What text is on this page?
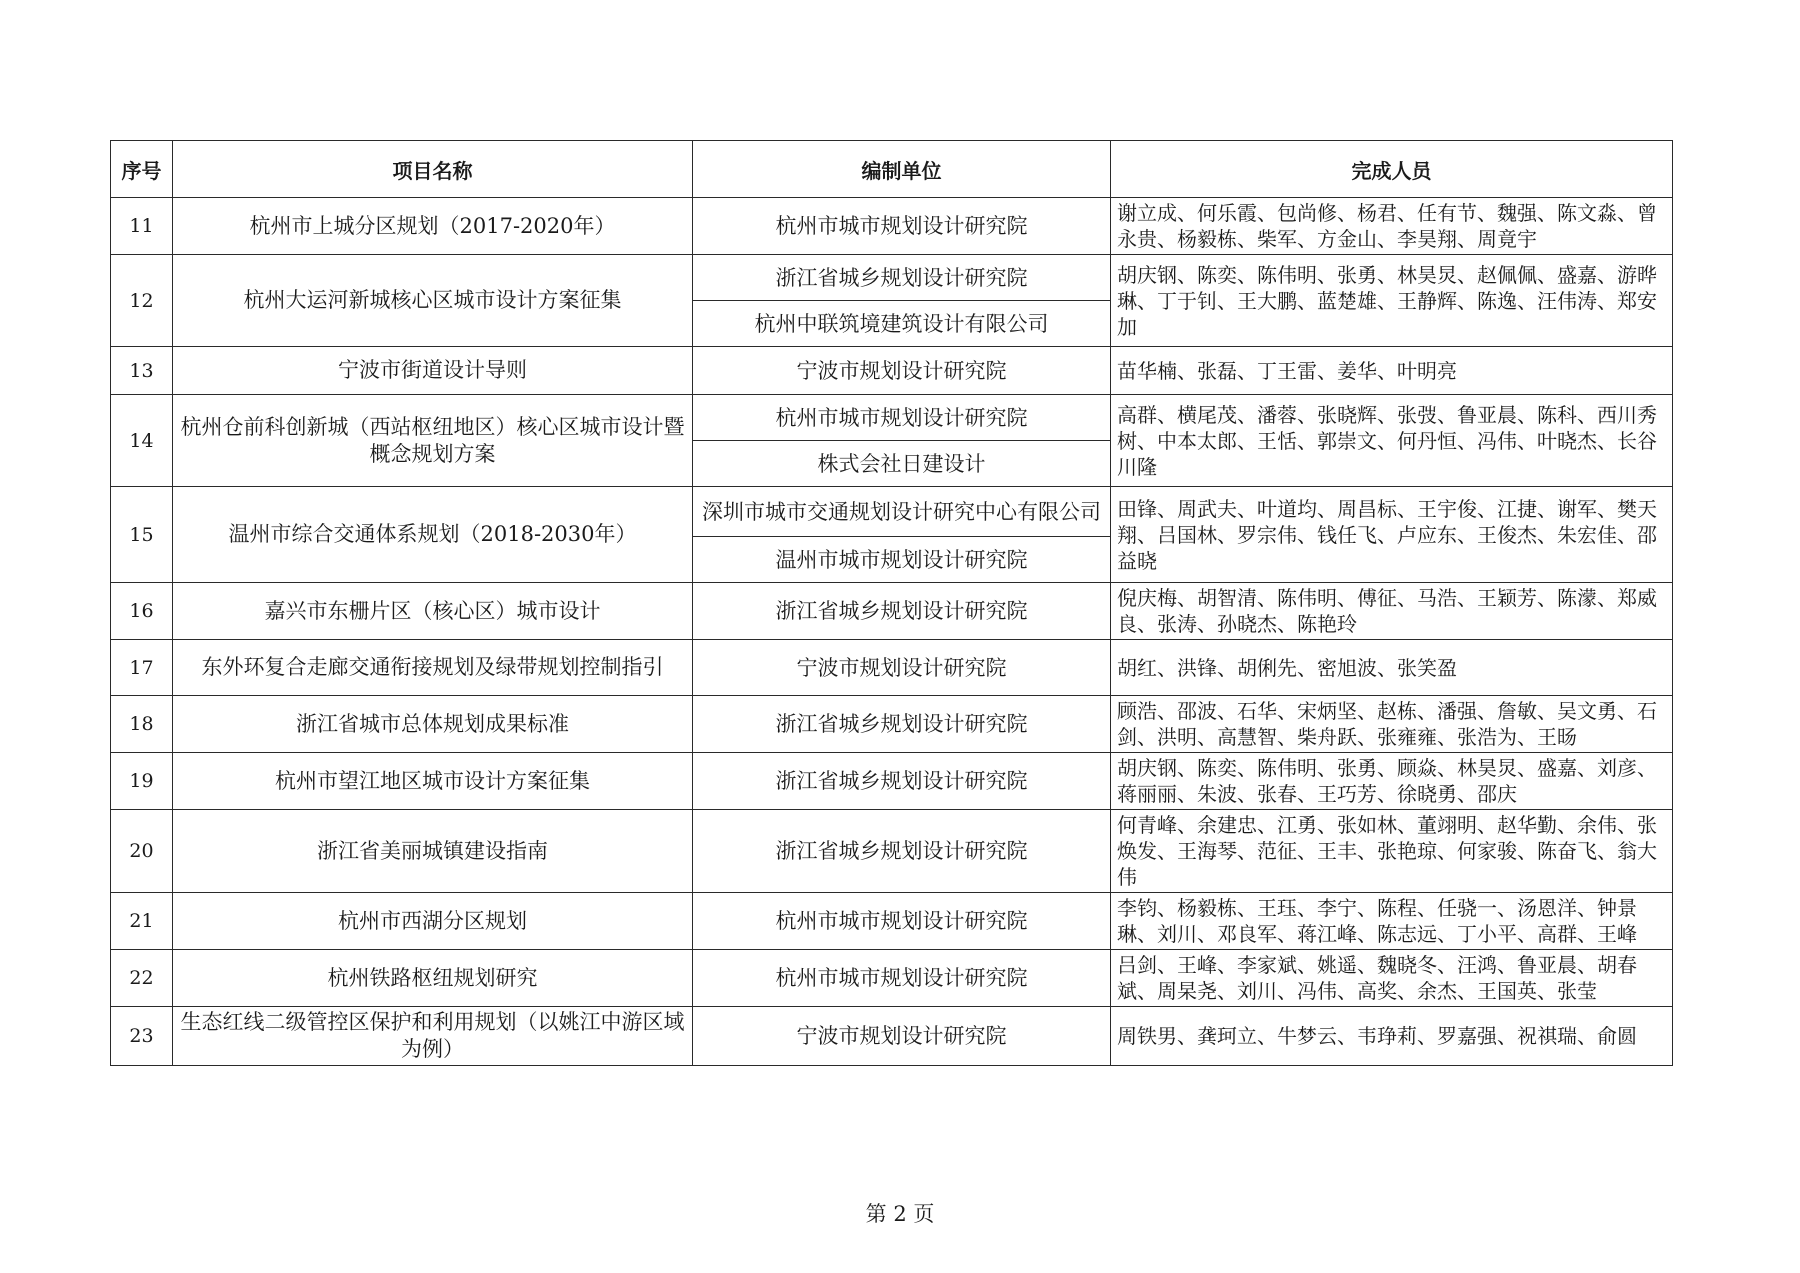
序号	项目名称	编制单位	完成人员
11	杭州市上城分区规划（2017-2020年）	杭州市城市规划设计研究院	谢立成、何乐霞、包尚修、杨君、任有节、魏强、陈文淼、曾永贵、杨毅栋、柴军、方金山、李昊翔、周竟宇
12	杭州大运河新城核心区城市设计方案征集	浙江省城乡规划设计研究院	胡庆钢、陈奕、陈伟明、张勇、林昊炅、赵佩佩、盛嘉、游晔琳、丁于钊、王大鹏、蓝楚雄、王静辉、陈逸、汪伟涛、郑安加
		杭州中联筑境建筑设计有限公司	
13	宁波市街道设计导则	宁波市规划设计研究院	苗华楠、张磊、丁王雷、姜华、叶明亮
14	杭州仓前科创新城（西站枢纽地区）核心区城市设计暨概念规划方案	杭州市城市规划设计研究院	高群、横尾茂、潘蓉、张晓辉、张弢、鲁亚晨、陈科、西川秀树、中本太郎、王恬、郭崇文、何丹恒、冯伟、叶晓杰、长谷川隆
		株式会社日建设计	
15	温州市综合交通体系规划（2018-2030年）	深圳市城市交通规划设计研究中心有限公司	田锋、周武夫、叶道均、周昌标、王宇俊、江捷、谢军、樊天翔、吕国林、罗宗伟、钱任飞、卢应东、王俊杰、朱宏佳、邵益晓
		温州市城市规划设计研究院	
16	嘉兴市东栅片区（核心区）城市设计	浙江省城乡规划设计研究院	倪庆梅、胡智清、陈伟明、傅征、马浩、王颖芳、陈濛、郑威良、张涛、孙晓杰、陈艳玲
17	东外环复合走廊交通衔接规划及绿带规划控制指引	宁波市规划设计研究院	胡红、洪锋、胡俐先、密旭波、张笑盈
18	浙江省城市总体规划成果标准	浙江省城乡规划设计研究院	顾浩、邵波、石华、宋炳坚、赵栋、潘强、詹敏、吴文勇、石剑、洪明、高慧智、柴舟跃、张雍雍、张浩为、王旸
19	杭州市望江地区城市设计方案征集	浙江省城乡规划设计研究院	胡庆钢、陈奕、陈伟明、张勇、顾焱、林昊炅、盛嘉、刘彦、蒋丽丽、朱波、张春、王巧芳、徐晓勇、邵庆
20	浙江省美丽城镇建设指南	浙江省城乡规划设计研究院	何青峰、余建忠、江勇、张如林、董翊明、赵华勤、余伟、张焕发、王海琴、范征、王丰、张艳琼、何家骏、陈奋飞、翁大伟
21	杭州市西湖分区规划	杭州市城市规划设计研究院	李钧、杨毅栋、王珏、李宁、陈程、任骁一、汤恩洋、钟景琳、刘川、邓良军、蒋江峰、陈志远、丁小平、高群、王峰
22	杭州铁路枢纽规划研究	杭州市城市规划设计研究院	吕剑、王峰、李家斌、姚遥、魏晓冬、汪鸿、鲁亚晨、胡春斌、周杲尧、刘川、冯伟、高奖、余杰、王国英、张莹
23	生态红线二级管控区保护和利用规划（以姚江中游区域为例）	宁波市规划设计研究院	周铁男、龚珂立、牛梦云、韦琤莉、罗嘉强、祝祺瑞、俞圆
第 2 页
